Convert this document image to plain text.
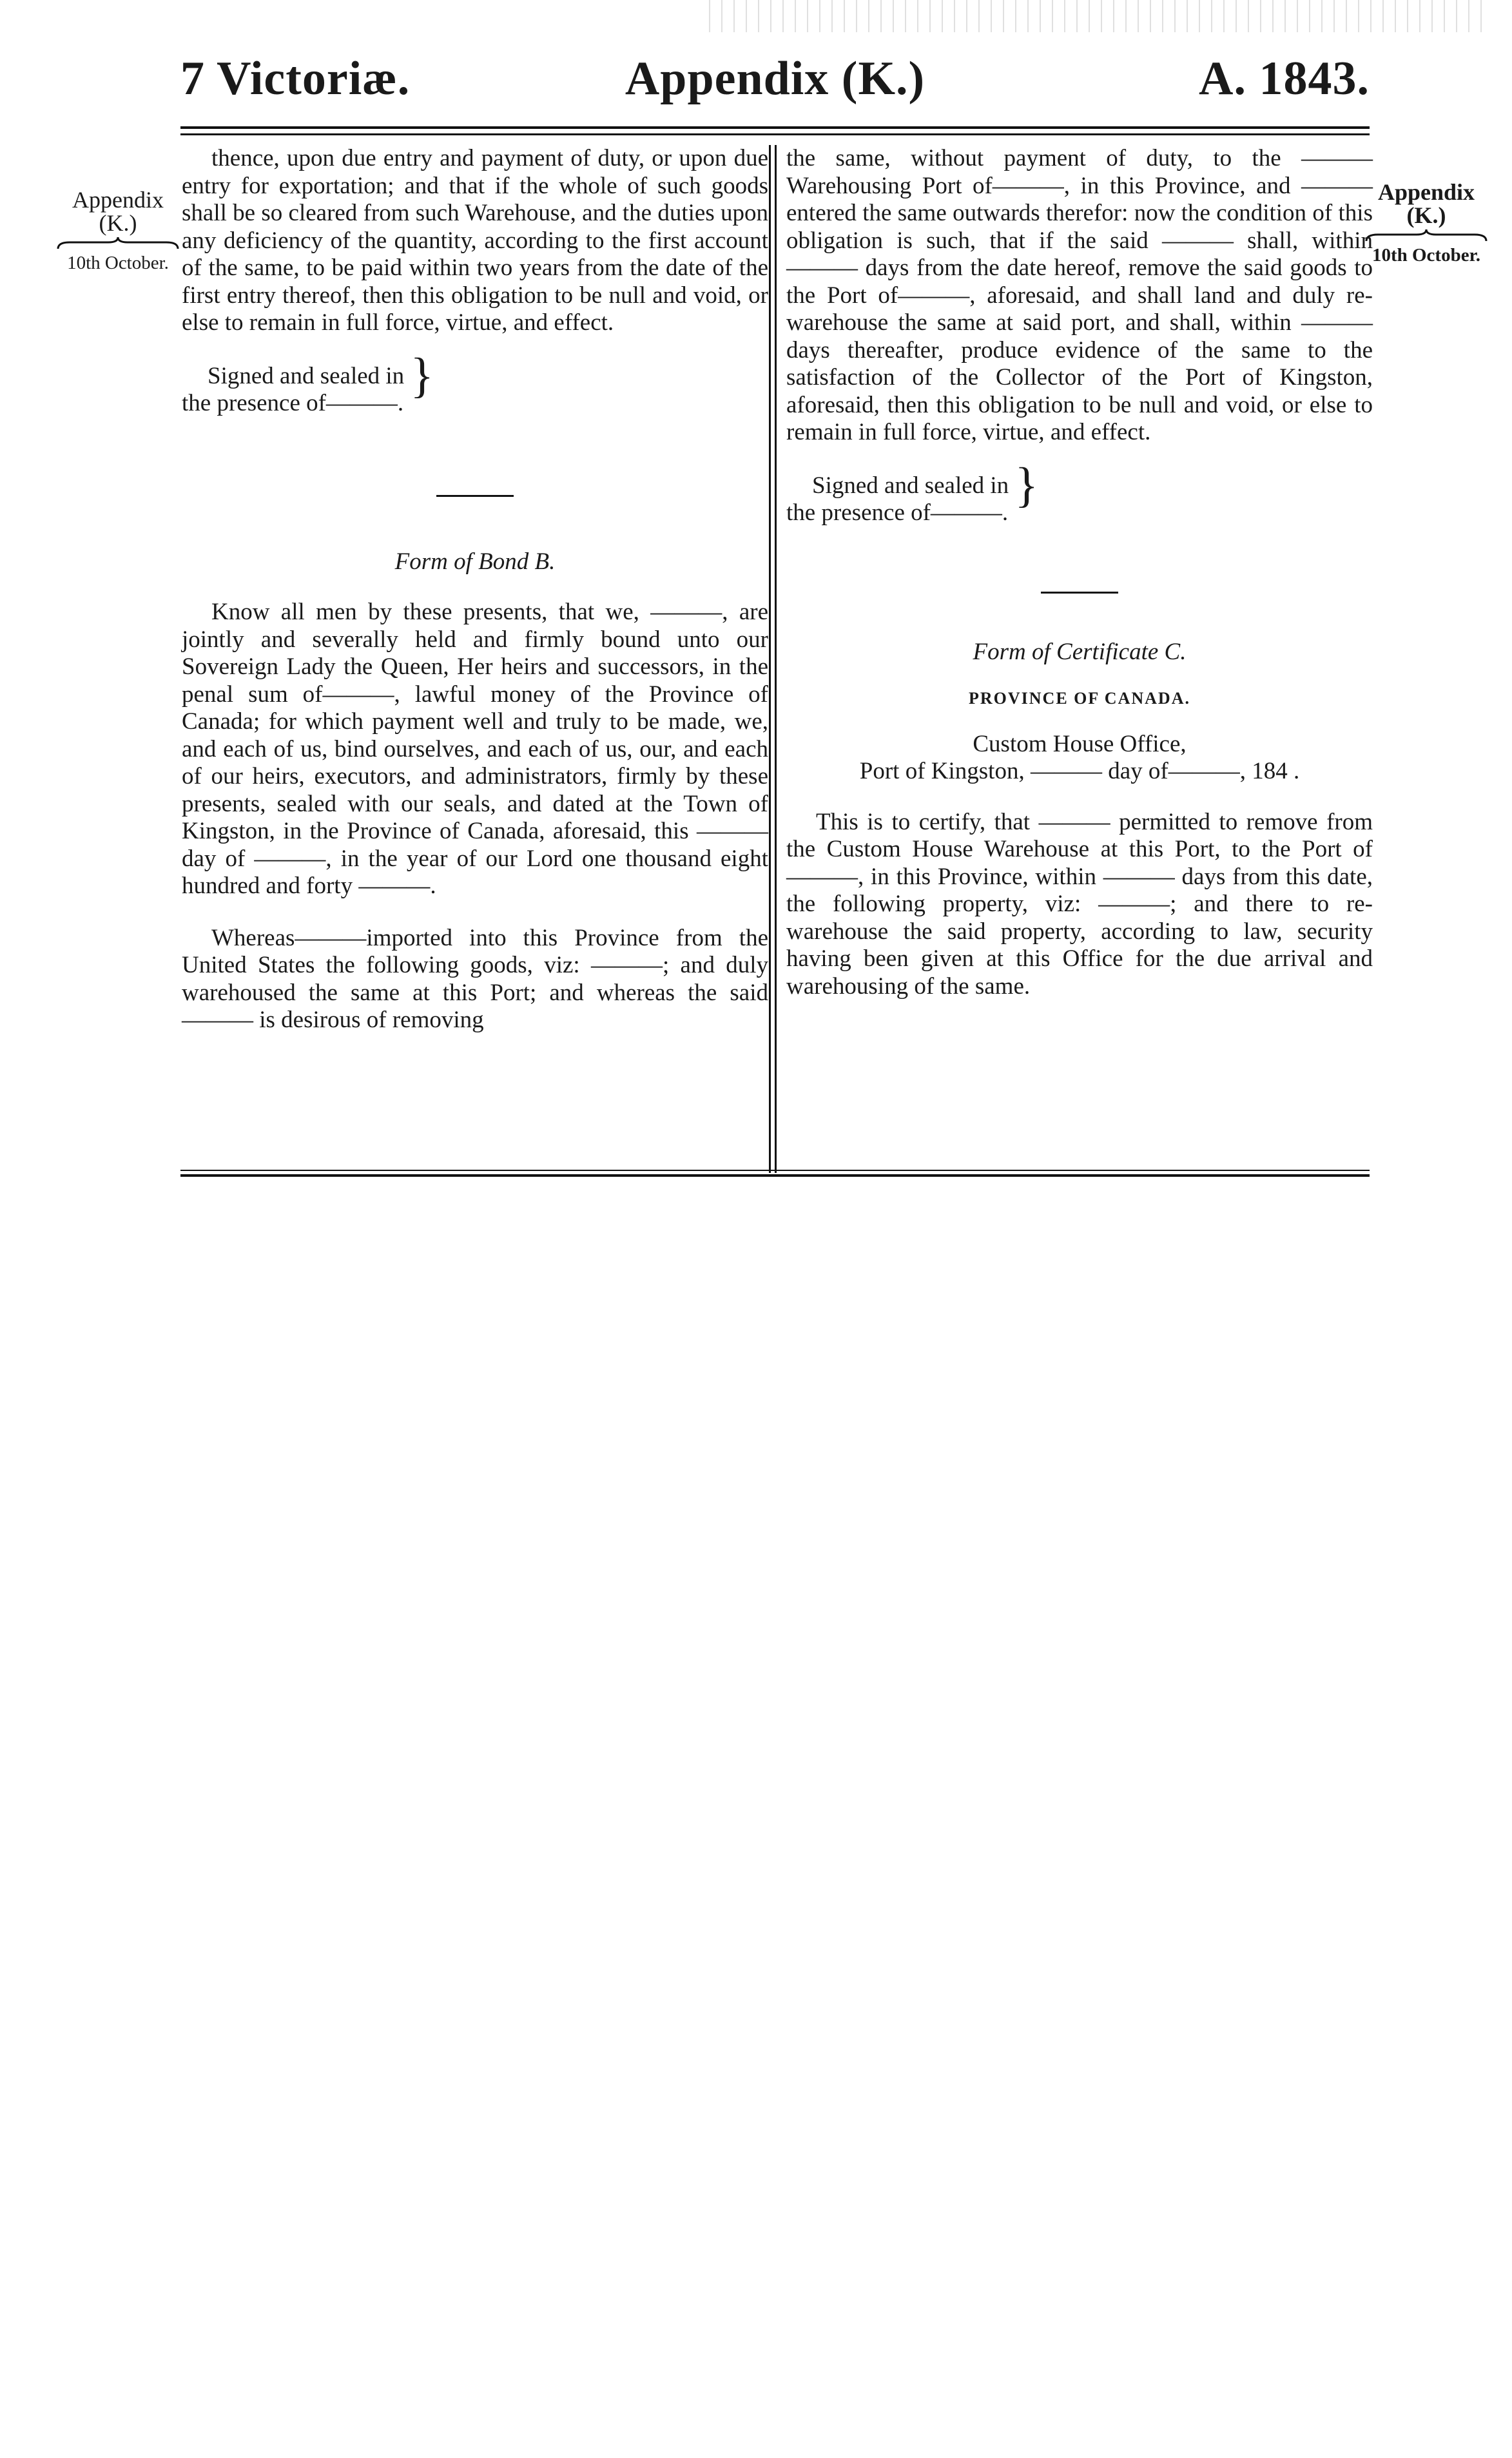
7 Victoriæ.	Appendix (K.)	A. 1843.
Appendix
(K.)
10th October.
Appendix
(K.)
10th October.

thence, upon due entry and payment of duty, or upon due entry for exportation; and that if the whole of such goods shall be so cleared from such Warehouse, and the duties upon any deficiency of the quantity, according to the first account of the same, to be paid within two years from the date of the first entry thereof, then this obligation to be null and void, or else to remain in full force, virtue, and effect.

Signed and sealed in
the presence of———.
}

Form of Bond B.

Know all men by these presents, that we, ———, are jointly and severally held and firmly bound unto our Sovereign Lady the Queen, Her heirs and successors, in the penal sum of———, lawful money of the Province of Canada; for which payment well and truly to be made, we, and each of us, bind ourselves, and each of us, our, and each of our heirs, executors, and administrators, firmly by these presents, sealed with our seals, and dated at the Town of Kingston, in the Province of Canada, aforesaid, this ——— day of ———, in the year of our Lord one thousand eight hundred and forty ———.

Whereas———imported into this Province from the United States the following goods, viz: ———; and duly warehoused the same at this Port; and whereas the said ——— is desirous of removing

the same, without payment of duty, to the ——— Warehousing Port of———, in this Province, and ——— entered the same outwards therefor: now the condition of this obligation is such, that if the said ——— shall, within ——— days from the date hereof, remove the said goods to the Port of———, aforesaid, and shall land and duly re-warehouse the same at said port, and shall, within ——— days thereafter, produce evidence of the same to the satisfaction of the Collector of the Port of Kingston, aforesaid, then this obligation to be null and void, or else to remain in full force, virtue, and effect.

Signed and sealed in
the presence of———.
}

Form of Certificate C.

PROVINCE OF CANADA.

Custom House Office,

Port of Kingston, ——— day of———, 184 .

This is to certify, that ——— permitted to remove from the Custom House Warehouse at this Port, to the Port of ———, in this Province, within ——— days from this date, the following property, viz: ———; and there to re-warehouse the said property, according to law, security having been given at this Office for the due arrival and warehousing of the same.
